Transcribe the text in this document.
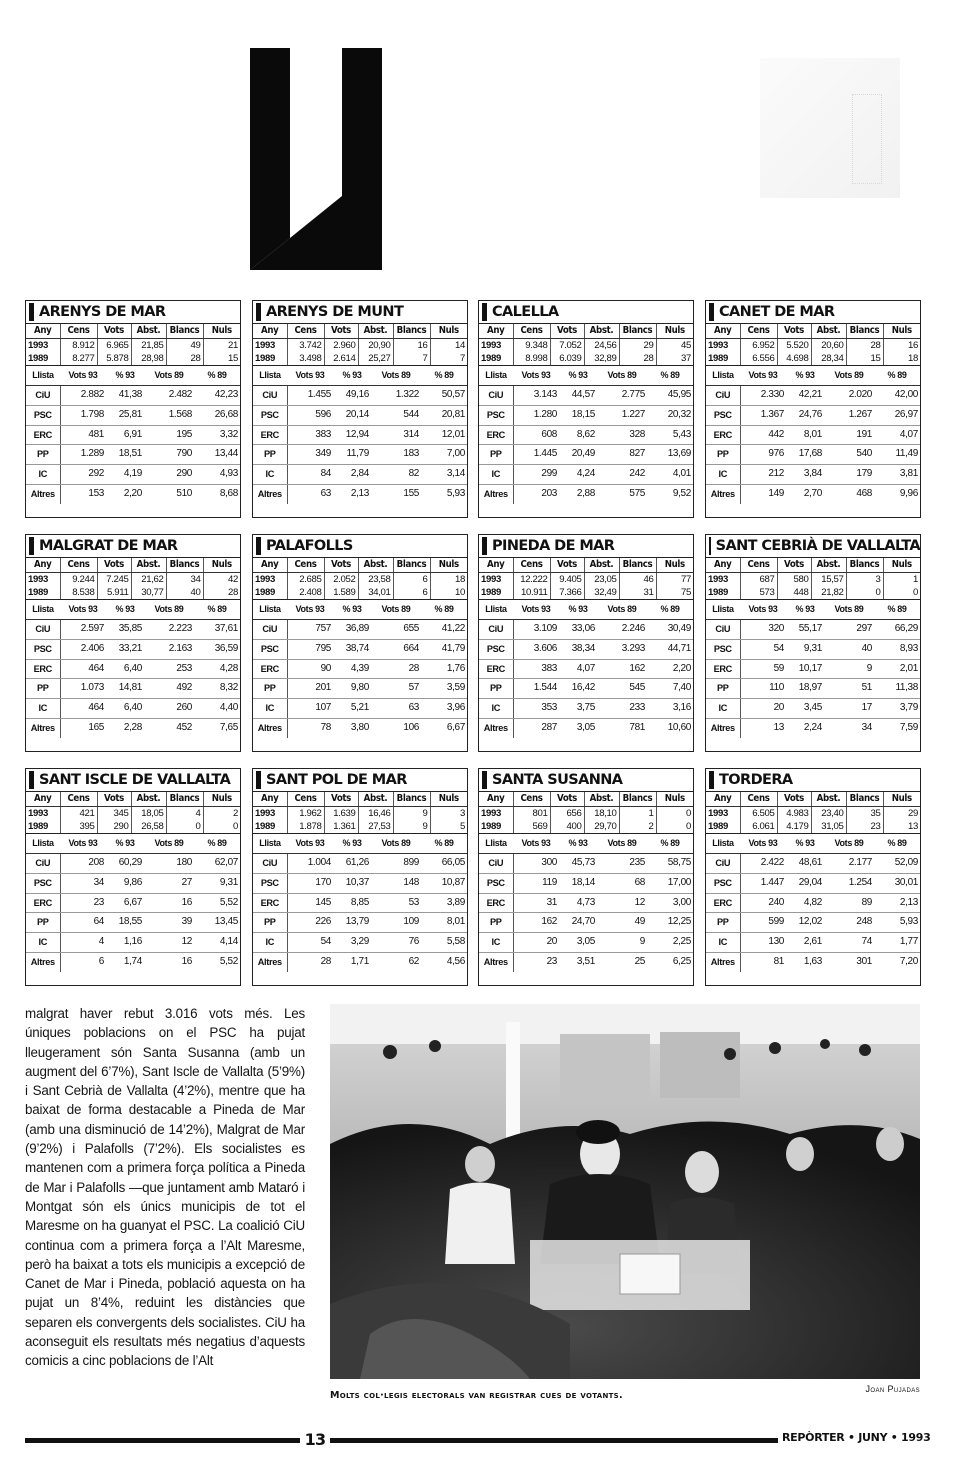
ARENYS DE MAR
Any	Cens	Vots	Abst.	Blancs	Nuls
1993	8.912	6.965	21,85	49	21
1989	8.277	5.878	28,98	28	15
Llista	Vots 93	% 93	Vots 89	% 89
CiU	2.882	41,38	2.482	42,23
PSC	1.798	25,81	1.568	26,68
ERC	481	6,91	195	3,32
PP	1.289	18,51	790	13,44
IC	292	4,19	290	4,93
Altres	153	2,20	510	8,68
ARENYS DE MUNT
Any	Cens	Vots	Abst.	Blancs	Nuls
1993	3.742	2.960	20,90	16	14
1989	3.498	2.614	25,27	7	7
Llista	Vots 93	% 93	Vots 89	% 89
CiU	1.455	49,16	1.322	50,57
PSC	596	20,14	544	20,81
ERC	383	12,94	314	12,01
PP	349	11,79	183	7,00
IC	84	2,84	82	3,14
Altres	63	2,13	155	5,93
CALELLA
Any	Cens	Vots	Abst.	Blancs	Nuls
1993	9.348	7.052	24,56	29	45
1989	8.998	6.039	32,89	28	37
Llista	Vots 93	% 93	Vots 89	% 89
CiU	3.143	44,57	2.775	45,95
PSC	1.280	18,15	1.227	20,32
ERC	608	8,62	328	5,43
PP	1.445	20,49	827	13,69
IC	299	4,24	242	4,01
Altres	203	2,88	575	9,52
CANET DE MAR
Any	Cens	Vots	Abst.	Blancs	Nuls
1993	6.952	5.520	20,60	28	16
1989	6.556	4.698	28,34	15	18
Llista	Vots 93	% 93	Vots 89	% 89
CiU	2.330	42,21	2.020	42,00
PSC	1.367	24,76	1.267	26,97
ERC	442	8,01	191	4,07
PP	976	17,68	540	11,49
IC	212	3,84	179	3,81
Altres	149	2,70	468	9,96
MALGRAT DE MAR
Any	Cens	Vots	Abst.	Blancs	Nuls
1993	9.244	7.245	21,62	34	42
1989	8.538	5.911	30,77	40	28
Llista	Vots 93	% 93	Vots 89	% 89
CiU	2.597	35,85	2.223	37,61
PSC	2.406	33,21	2.163	36,59
ERC	464	6,40	253	4,28
PP	1.073	14,81	492	8,32
IC	464	6,40	260	4,40
Altres	165	2,28	452	7,65
PALAFOLLS
Any	Cens	Vots	Abst.	Blancs	Nuls
1993	2.685	2.052	23,58	6	18
1989	2.408	1.589	34,01	6	10
Llista	Vots 93	% 93	Vots 89	% 89
CiU	757	36,89	655	41,22
PSC	795	38,74	664	41,79
ERC	90	4,39	28	1,76
PP	201	9,80	57	3,59
IC	107	5,21	63	3,96
Altres	78	3,80	106	6,67
PINEDA DE MAR
Any	Cens	Vots	Abst.	Blancs	Nuls
1993	12.222	9.405	23,05	46	77
1989	10.911	7.366	32,49	31	75
Llista	Vots 93	% 93	Vots 89	% 89
CiU	3.109	33,06	2.246	30,49
PSC	3.606	38,34	3.293	44,71
ERC	383	4,07	162	2,20
PP	1.544	16,42	545	7,40
IC	353	3,75	233	3,16
Altres	287	3,05	781	10,60
SANT CEBRIÀ DE VALLALTA
Any	Cens	Vots	Abst.	Blancs	Nuls
1993	687	580	15,57	3	1
1989	573	448	21,82	0	0
Llista	Vots 93	% 93	Vots 89	% 89
CiU	320	55,17	297	66,29
PSC	54	9,31	40	8,93
ERC	59	10,17	9	2,01
PP	110	18,97	51	11,38
IC	20	3,45	17	3,79
Altres	13	2,24	34	7,59
SANT ISCLE DE VALLALTA
Any	Cens	Vots	Abst.	Blancs	Nuls
1993	421	345	18,05	4	2
1989	395	290	26,58	0	0
Llista	Vots 93	% 93	Vots 89	% 89
CiU	208	60,29	180	62,07
PSC	34	9,86	27	9,31
ERC	23	6,67	16	5,52
PP	64	18,55	39	13,45
IC	4	1,16	12	4,14
Altres	6	1,74	16	5,52
SANT POL DE MAR
Any	Cens	Vots	Abst.	Blancs	Nuls
1993	1.962	1.639	16,46	9	3
1989	1.878	1.361	27,53	9	5
Llista	Vots 93	% 93	Vots 89	% 89
CiU	1.004	61,26	899	66,05
PSC	170	10,37	148	10,87
ERC	145	8,85	53	3,89
PP	226	13,79	109	8,01
IC	54	3,29	76	5,58
Altres	28	1,71	62	4,56
SANTA SUSANNA
Any	Cens	Vots	Abst.	Blancs	Nuls
1993	801	656	18,10	1	0
1989	569	400	29,70	2	0
Llista	Vots 93	% 93	Vots 89	% 89
CiU	300	45,73	235	58,75
PSC	119	18,14	68	17,00
ERC	31	4,73	12	3,00
PP	162	24,70	49	12,25
IC	20	3,05	9	2,25
Altres	23	3,51	25	6,25
TORDERA
Any	Cens	Vots	Abst.	Blancs	Nuls
1993	6.505	4.983	23,40	35	29
1989	6.061	4.179	31,05	23	13
Llista	Vots 93	% 93	Vots 89	% 89
CiU	2.422	48,61	2.177	52,09
PSC	1.447	29,04	1.254	30,01
ERC	240	4,82	89	2,13
PP	599	12,02	248	5,93
IC	130	2,61	74	1,77
Altres	81	1,63	301	7,20

malgrat haver rebut 3.016 vots més. Les úniques poblacions on el PSC ha pujat lleugerament són Santa Susanna (amb un augment del 6’7%), Sant Iscle de Vallalta (5’9%) i Sant Cebrià de Vallalta (4’2%), mentre que ha baixat de forma destacable a Pineda de Mar (amb una disminució de 14’2%), Malgrat de Mar (9’2%) i Palafolls (7’2%). Els socialistes es mantenen com a primera força política a Pineda de Mar i Palafolls —que juntament amb Mataró i Montgat són els únics municipis de tot el Maresme on ha guanyat el PSC. La coalició CiU continua com a primera força a l’Alt Maresme, però ha baixat a tots els municipis a excepció de Canet de Mar i Pineda, població aquesta on ha pujat un 8’4%, reduint les distàncies que separen els convergents dels socialistes. CiU ha aconseguit els resultats més negatius d’aquests comicis a cinc poblacions de l’Alt

Molts col·legis electorals van registrar cues de votants.
Joan Pujadas
13	REPÒRTER • JUNY • 1993
